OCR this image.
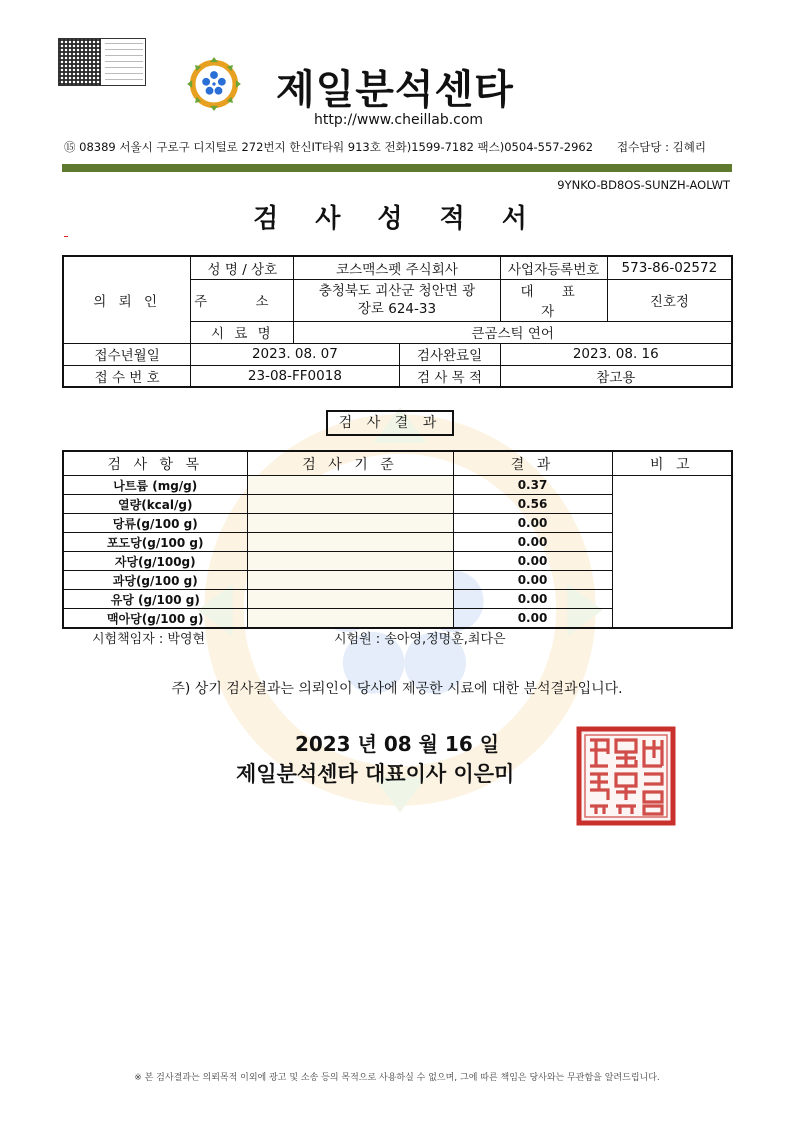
제일분석센타
http://www.cheillab.com
⑮ 08389 서울시 구로구 디지털로 272번지 한신IT타워 913호 전화)1599-7182 팩스)0504-557-2962 접수담당 : 김혜리
9YNKO-BD8OS-SUNZH-AOLWT
검 사 성 적 서
의 뢰 인	성 명 / 상호	코스맥스펫 주식회사		사업자등록번호	573-86-02572
	주 소	충청북도 괴산군 청안면 광장로 624-33		대 표 자	진호정
	시 료 명	큰곰스틱 연어			
접수년월일	2023. 08. 07		검사완료일	2023. 08. 16	
접 수 번 호	23-08-FF0018		검 사 목 적	참고용	
검 사 결 과
검 사 항 목	검 사 기 준	결 과	비 고
나트륨 (mg/g)		0.37	
열량(kcal/g)		0.56	
당류(g/100 g)		0.00	
포도당(g/100 g)		0.00	
자당(g/100g)		0.00	
과당(g/100 g)		0.00	
유당 (g/100 g)		0.00	
맥아당(g/100 g)		0.00	
시험책임자 : 박영현	시험원 : 송아영,정명훈,최다은
주) 상기 검사결과는 의뢰인이 당사에 제공한 시료에 대한 분석결과입니다.
2023 년 08 월 16 일
제일분석센타 대표이사 이은미
※ 본 검사결과는 의뢰목적 이외에 광고 및 소송 등의 목적으로 사용하실 수 없으며, 그에 따른 책임은 당사와는 무관함을 알려드립니다.
